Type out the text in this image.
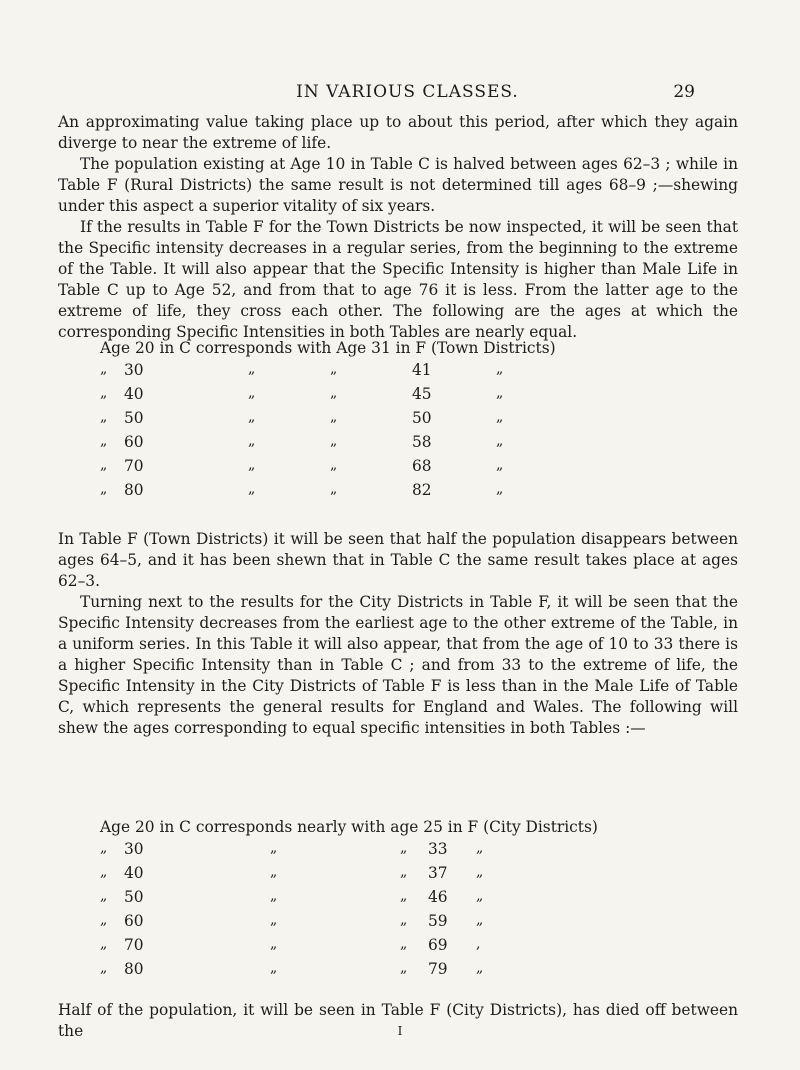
IN VARIOUS CLASSES.	29

An approximating value taking place up to about this period, after which they again diverge to near the extreme of life.

The population existing at Age 10 in Table C is halved between ages 62–3 ; while in Table F (Rural Districts) the same result is not determined till ages 68–9 ;—shewing under this aspect a superior vitality of six years.

If the results in Table F for the Town Districts be now inspected, it will be seen that the Specific intensity decreases in a regular series, from the beginning to the extreme of the Table. It will also appear that the Specific Intensity is higher than Male Life in Table C up to Age 52, and from that to age 76 it is less. From the latter age to the extreme of life, they cross each other. The following are the ages at which the corresponding Specific Intensities in both Tables are nearly equal.

Age 20 in C corresponds with Age 31 in F (Town Districts)
„ 30	„	„	41	„
„ 40	„	„	45	„
„ 50	„	„	50	„
„ 60	„	„	58	„
„ 70	„	„	68	„
„ 80	„	„	82	„

In Table F (Town Districts) it will be seen that half the population disappears between ages 64–5, and it has been shewn that in Table C the same result takes place at ages 62–3.

Turning next to the results for the City Districts in Table F, it will be seen that the Specific Intensity decreases from the earliest age to the other extreme of the Table, in a uniform series. In this Table it will also appear, that from the age of 10 to 33 there is a higher Specific Intensity than in Table C ; and from 33 to the extreme of life, the Specific Intensity in the City Districts of Table F is less than in the Male Life of Table C, which represents the general results for England and Wales. The following will shew the ages corresponding to equal specific intensities in both Tables :—

Age 20 in C corresponds nearly with age 25 in F (City Districts)
„ 30	„	„ 33 „
„ 40	„	„ 37 „
„ 50	„	„ 46 „
„ 60	„	„ 59 „
„ 70	„	„ 69 ,
„ 80	„	„ 79 „

Half of the population, it will be seen in Table F (City Districts), has died off between the	I
